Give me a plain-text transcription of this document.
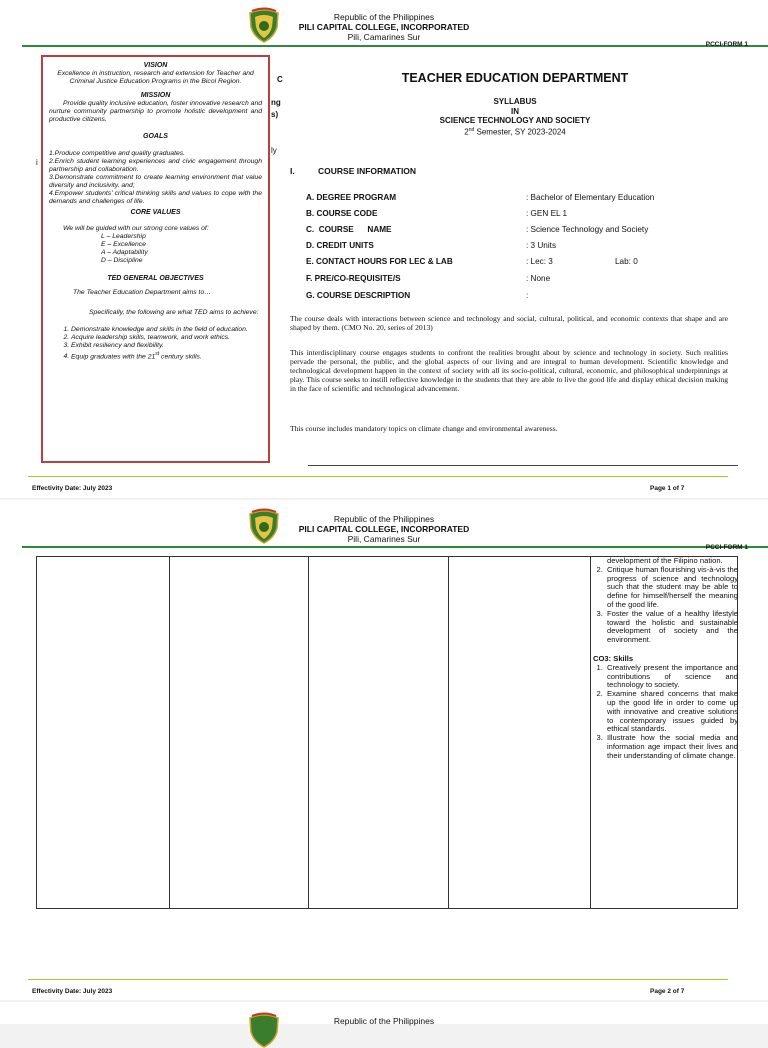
Republic of the Philippines
PILI CAPITAL COLLEGE, INCORPORATED
Pili, Camarines Sur
PCCI-FORM 1
C
ng
s)
ly
i
VISION
Excellence in instruction, research and extension for Teacher and Criminal Justice Education Programs in the Bicol Region.
MISSION
Provide quality inclusive education, foster innovative research and nurture community partnership to promote holistic development and productive citizens.
GOALS
1.Produce competitive and quality graduates.
2.Enrich student learning experiences and civic engagement through partnership and collaboration.
3.Demonstrate commitment to create learning environment that value diversity and inclusivity. and;
4.Empower students' critical thinking skills and values to cope with the demands and challenges of life.
CORE VALUES
We will be guided with our strong core values of:
L – Leadership
E – Excellence
A – Adaptability
D – Discipline
TED GENERAL OBJECTIVES
The Teacher Education Department aims to…
Specifically, the following are what TED aims to achieve:
1. Demonstrate knowledge and skills in the field of education.
2. Acquire leadership skills, teamwork, and work ethics.
3. Exhibit resiliency and flexibility.
4. Equip graduates with the 21st century skills.
TEACHER EDUCATION DEPARTMENT
SYLLABUS
IN
SCIENCE TECHNOLOGY AND SOCIETY
2nd Semester, SY 2023-2024
I.	COURSE INFORMATION
A. DEGREE PROGRAM	: Bachelor of Elementary Education
B. COURSE CODE	: GEN EL 1
C.  COURSE      NAME	: Science Technology and Society
D. CREDIT UNITS	: 3 Units
E. CONTACT HOURS FOR LEC & LAB	: Lec: 3	Lab: 0
F. PRE/CO-REQUISITE/S	: None
G. COURSE DESCRIPTION	:
The course deals with interactions between science and technology and social, cultural, political, and economic contexts that shape and are shaped by them. (CMO No. 20, series of 2013)
This interdisciplinary course engages students to confront the realities brought about by science and technology in society. Such realities pervade the personal, the public, and the global aspects of our living and are integral to human development. Scientific knowledge and technological development happen in the context of society with all its socio-political, cultural, economic, and philosophical underpinnings at play. This course seeks to instill reflective knowledge in the students that they are able to live the good life and display ethical decision making in the face of scientific and technological advancement.
This course includes mandatory topics on climate change and environmental awareness.
Effectivity Date: July 2023	Page 1 of 7
Republic of the Philippines
PILI CAPITAL COLLEGE, INCORPORATED
Pili, Camarines Sur
PCCI-FORM 1
Effectivity Date: July 2023	Page 2 of 7
development of the Filipino nation.
2. Critique human flourishing vis-à-vis the progress of science and technology such that the student may be able to define for himself/herself the meaning of the good life.
3. Foster the value of a healthy lifestyle toward the holistic and sustainable development of society and the environment.
CO3: Skills
1. Creatively present the importance and contributions of science and technology to society.
2. Examine shared concerns that make up the good life in order to come up with innovative and creative solutions to contemporary issues guided by ethical standards.
3. Illustrate how the social media and information age impact their lives and their understanding of climate change.
Republic of the Philippines
